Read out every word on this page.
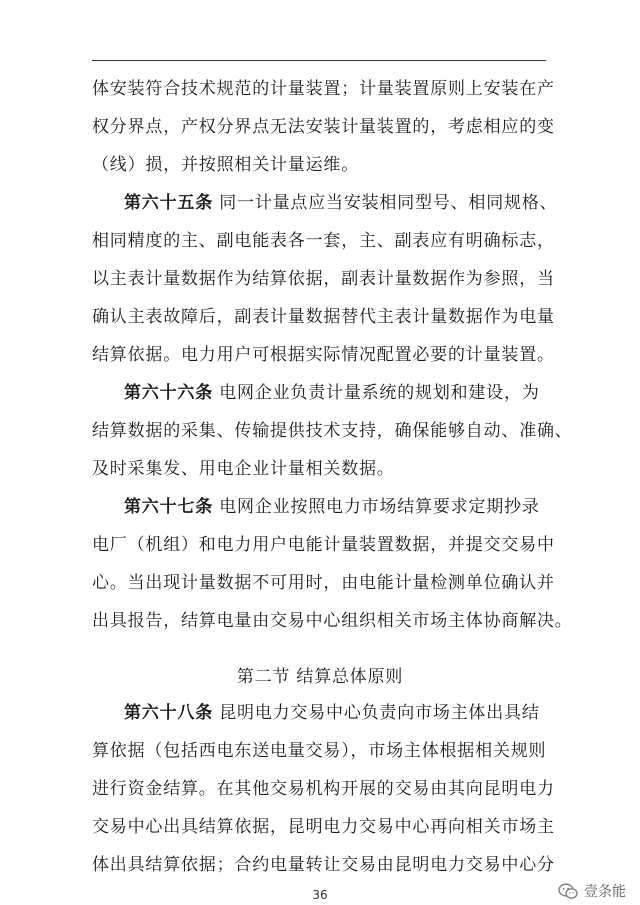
体安装符合技术规范的计量装置；计量装置原则上安装在产
权分界点，产权分界点无法安装计量装置的，考虑相应的变
（线）损，并按照相关计量运维。
第六十五条 同一计量点应当安装相同型号、相同规格、
相同精度的主、副电能表各一套，主、副表应有明确标志，
以主表计量数据作为结算依据，副表计量数据作为参照，当
确认主表故障后，副表计量数据替代主表计量数据作为电量
结算依据。电力用户可根据实际情况配置必要的计量装置。
第六十六条 电网企业负责计量系统的规划和建设，为
结算数据的采集、传输提供技术支持，确保能够自动、准确、
及时采集发、用电企业计量相关数据。
第六十七条 电网企业按照电力市场结算要求定期抄录
电厂（机组）和电力用户电能计量装置数据，并提交交易中
心。当出现计量数据不可用时，由电能计量检测单位确认并
出具报告，结算电量由交易中心组织相关市场主体协商解决。
第二节 结算总体原则
第六十八条 昆明电力交易中心负责向市场主体出具结
算依据（包括西电东送电量交易），市场主体根据相关规则
进行资金结算。在其他交易机构开展的交易由其向昆明电力
交易中心出具结算依据，昆明电力交易中心再向相关市场主
体出具结算依据；合约电量转让交易由昆明电力交易中心分
36	壹条能
